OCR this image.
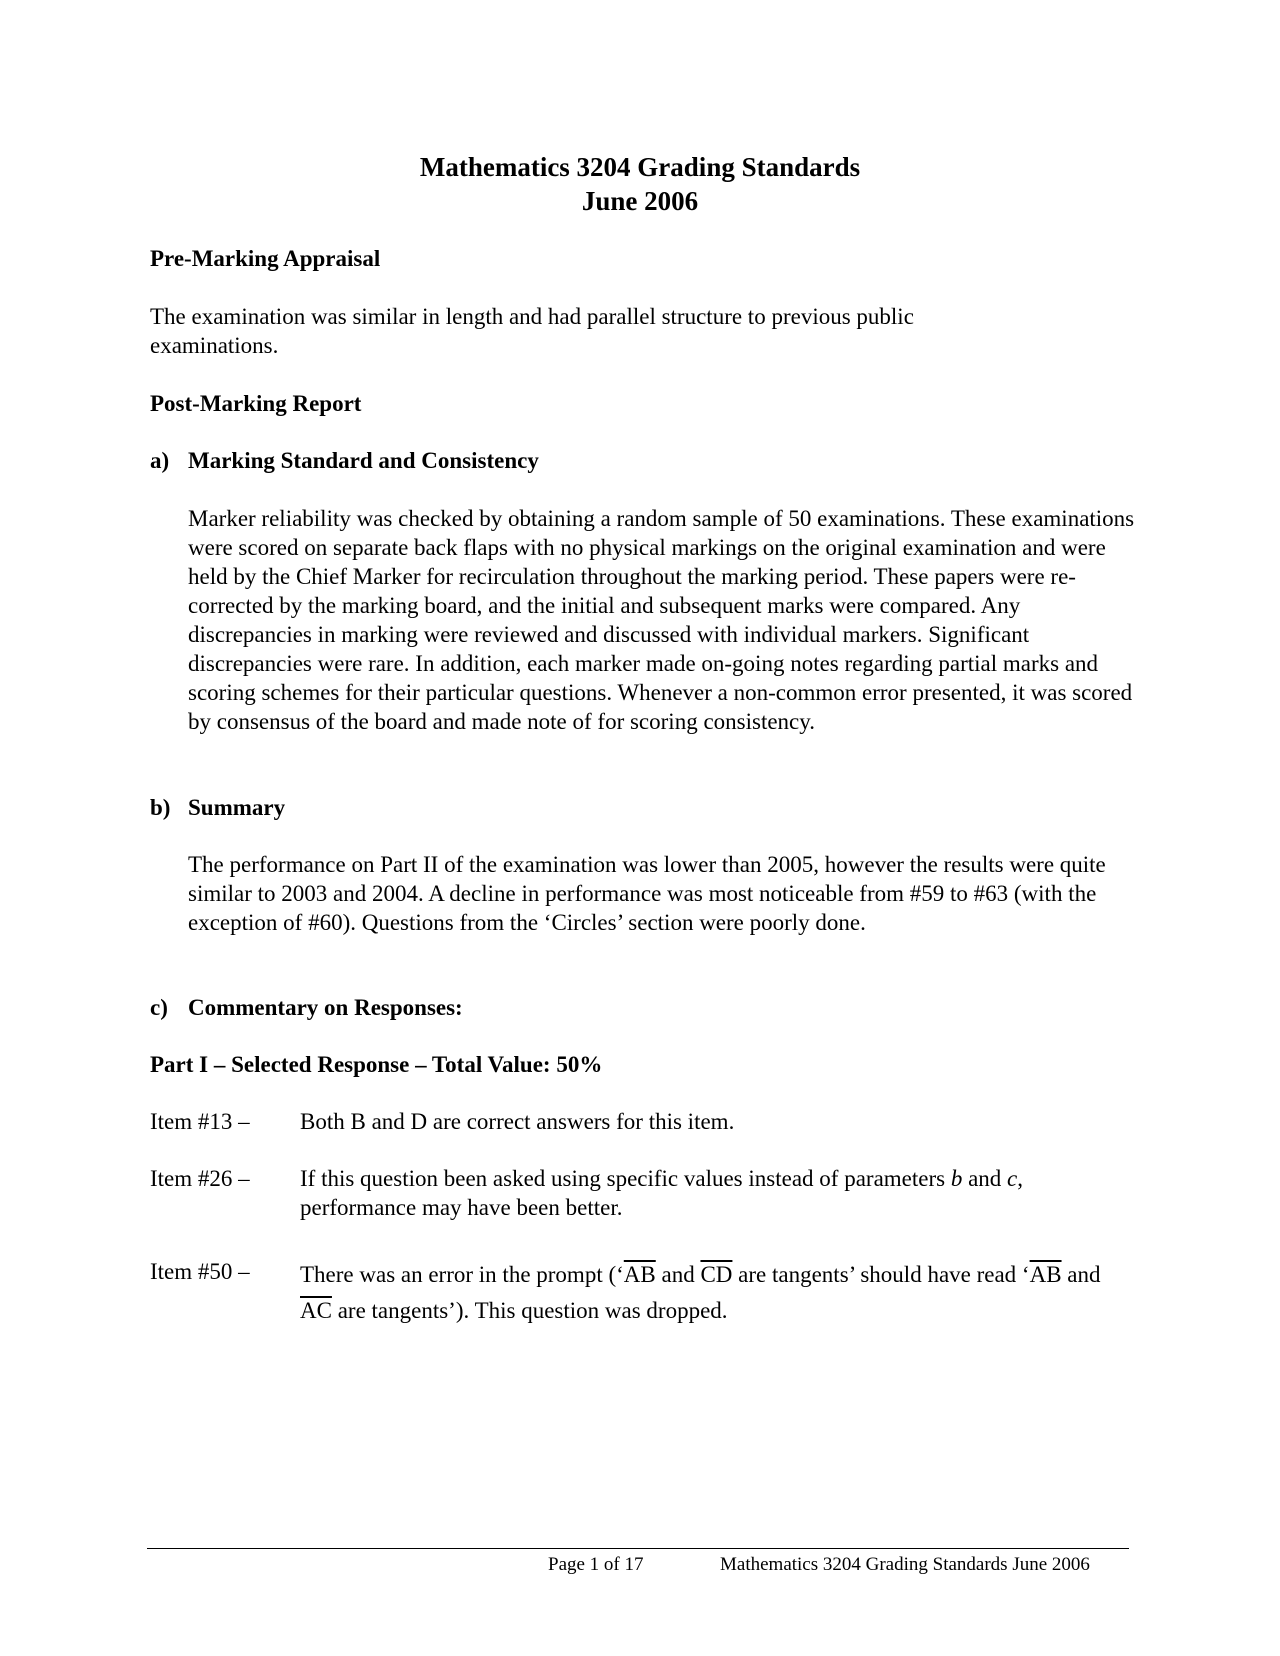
Mathematics 3204 Grading Standards
June 2006
Pre-Marking Appraisal
The examination was similar in length and had parallel structure to previous public examinations.
Post-Marking Report
a) Marking Standard and Consistency
Marker reliability was checked by obtaining a random sample of 50 examinations. These examinations were scored on separate back flaps with no physical markings on the original examination and were held by the Chief Marker for recirculation throughout the marking period. These papers were re-corrected by the marking board, and the initial and subsequent marks were compared. Any discrepancies in marking were reviewed and discussed with individual markers. Significant discrepancies were rare. In addition, each marker made on-going notes regarding partial marks and scoring schemes for their particular questions. Whenever a non-common error presented, it was scored by consensus of the board and made note of for scoring consistency.
b) Summary
The performance on Part II of the examination was lower than 2005, however the results were quite similar to 2003 and 2004. A decline in performance was most noticeable from #59 to #63 (with the exception of #60). Questions from the ‘Circles’ section were poorly done.
c) Commentary on Responses:
Part I – Selected Response – Total Value: 50%
Item #13 – Both B and D are correct answers for this item.
Item #26 – If this question been asked using specific values instead of parameters b and c, performance may have been better.
Item #50 – There was an error in the prompt (‘$\overline{AB}$ and $\overline{CD}$ are tangents’ should have read ‘$\overline{AB}$ and $\overline{AC}$ are tangents’). This question was dropped.
Page 1 of 17	Mathematics 3204 Grading Standards June 2006
